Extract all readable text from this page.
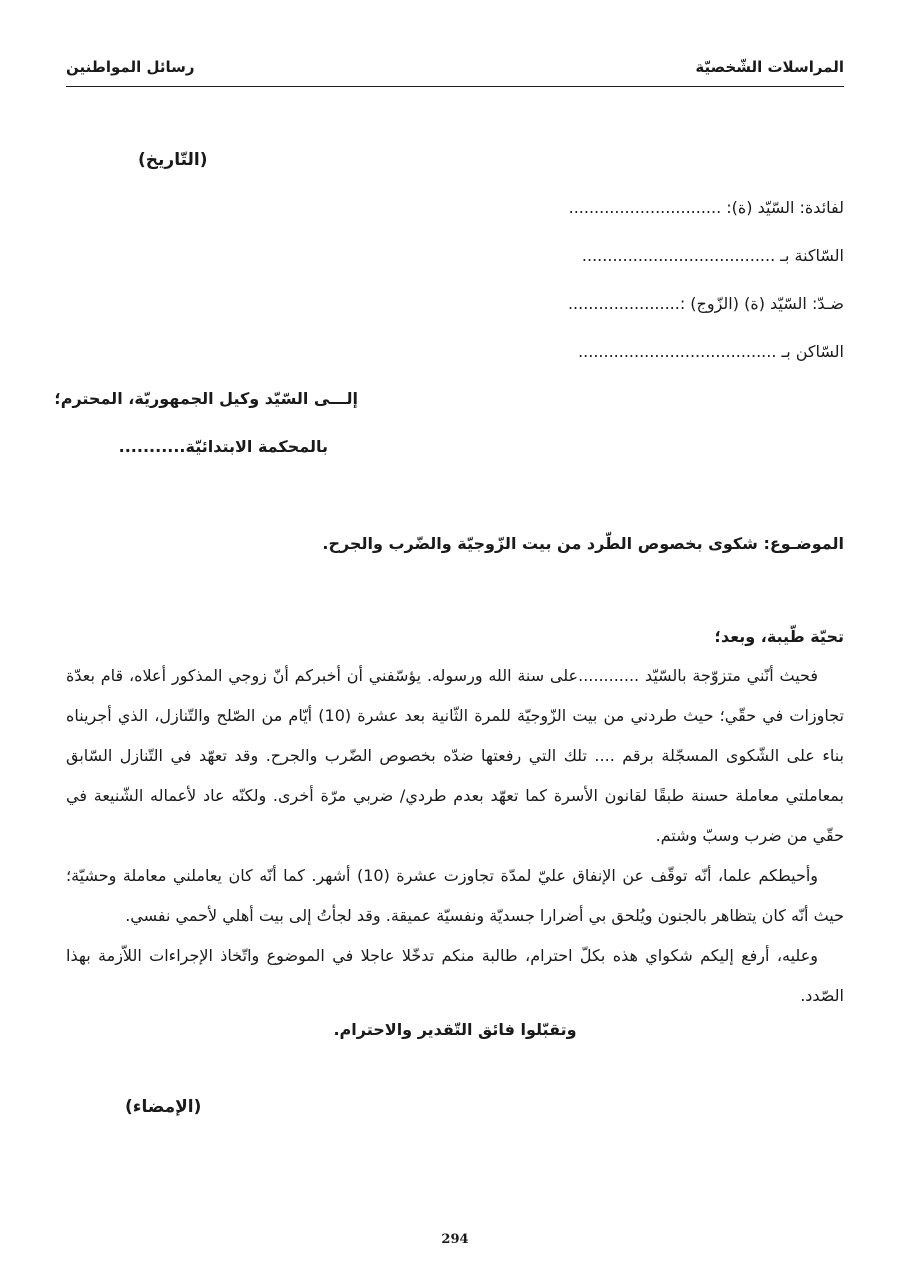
المراسلات الشّخصيّة
رسائل المواطنين
(التّاريخ)
لفائدة: السّيّد (ة): ..............................
السّاكنة بـ ......................................
ضـدّ: السّيّد (ة) (الزّوج) :......................
السّاكن بـ .......................................
إلـــى السّيّد وكيل الجمهوريّة، المحترم؛
بالمحكمة الابتدائيّة...........
الموضـوع: شكوى بخصوص الطّرد من بيت الزّوجيّة والضّرب والجرح.
تحيّة طّيبة، وبعد؛
فحيث أنّني متزوّجة بالسّيّد ............على سنة الله ورسوله. يؤسّفني أن أخبركم أنّ زوجي المذكور أعلاه، قام بعدّة تجاوزات في حقّي؛ حيث طردني من بيت الزّوجيّة للمرة الثّانية بعد عشرة (10) أيّام من الصّلح والتّنازل، الذي أجريناه بناء على الشّكوى المسجّلة برقم .... تلك التي رفعتها ضدّه بخصوص الضّرب والجرح. وقد تعهّد في التّنازل السّابق بمعاملتي معاملة حسنة طبقًا لقانون الأسرة كما تعهّد بعدم طردي/ ضربي مرّة أخرى. ولكنّه عاد لأعماله الشّنيعة في حقّي من ضرب وسبّ وشتم.
وأحيطكم علما، أنّه توقّف عن الإنفاق عليّ لمدّة تجاوزت عشرة (10) أشهر. كما أنّه كان يعاملني معاملة وحشيّة؛ حيث أنّه كان يتظاهر بالجنون ويُلحق بي أضرارا جسديّة ونفسيّة عميقة. وقد لجأتُ إلى بيت أهلي لأحمي نفسي.
وعليه، أرفع إليكم شكواي هذه بكلّ احترام، طالبة منكم تدخّلا عاجلا في الموضوع واتّخاذ الإجراءات اللاّزمة بهذا الصّدد.
وتقبّلوا فائق التّقدير والاحترام.
(الإمضاء)
294
